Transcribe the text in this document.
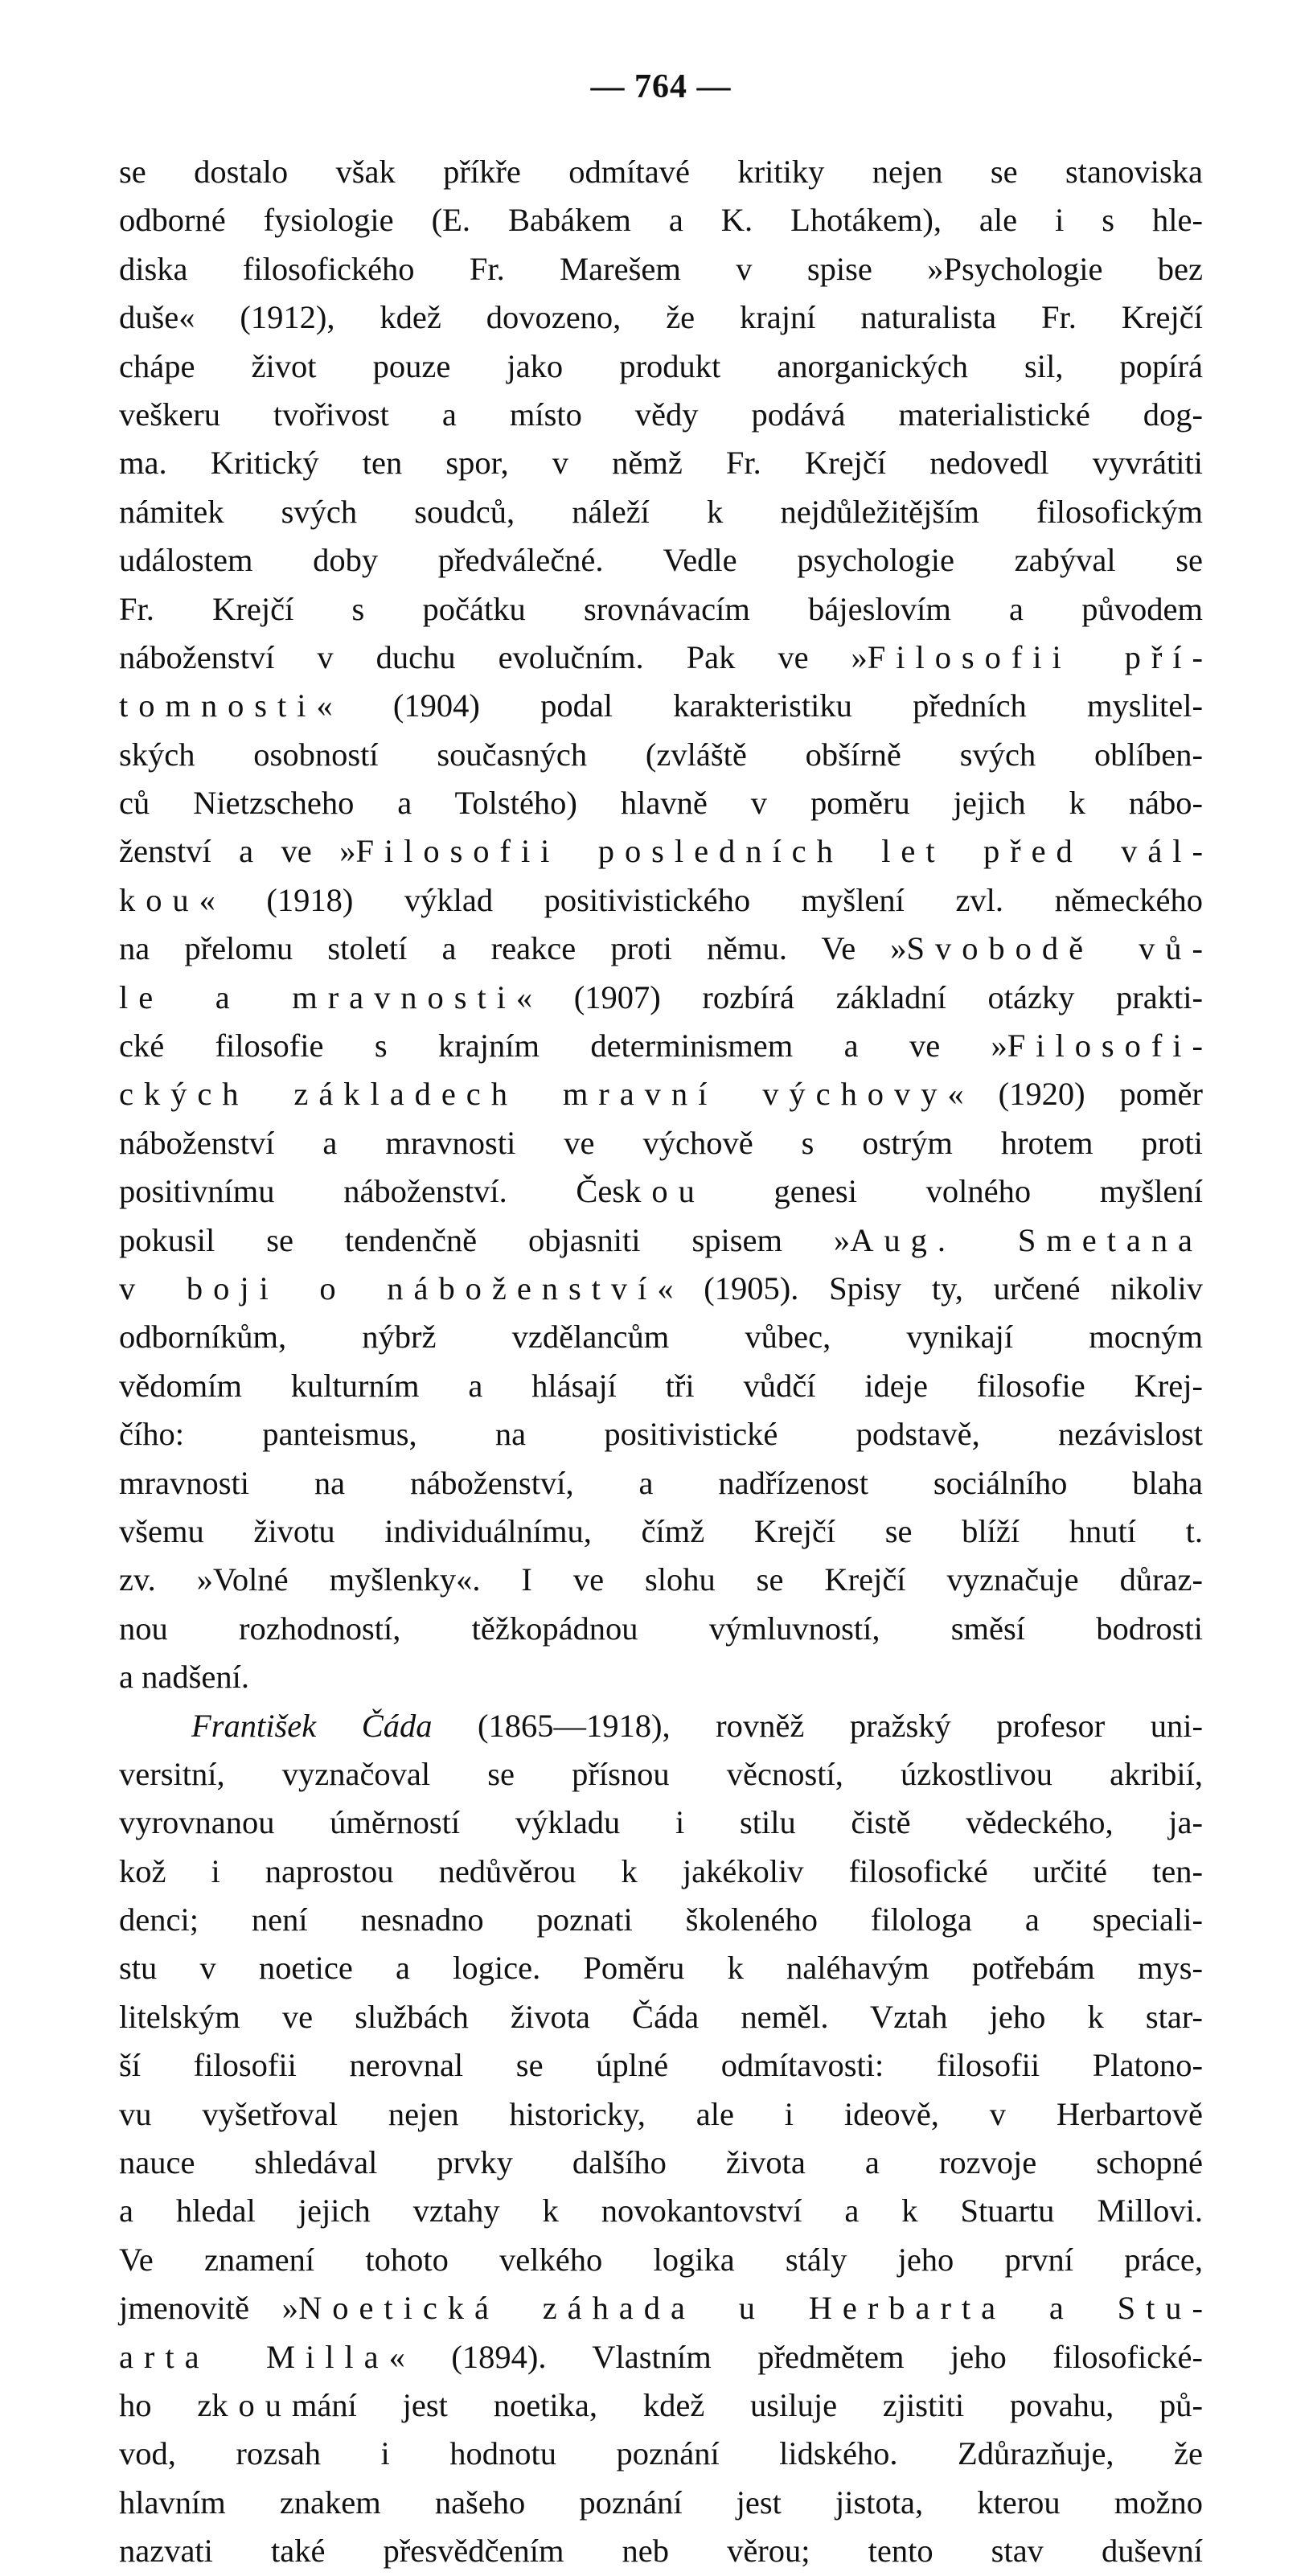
— 764 —
se dostalo však příkře odmítavé kritiky nejen se stanoviska
odborné fysiologie (E. Babákem a K. Lhotákem), ale i s hle-
diska filosofického Fr. Marešem v spise »Psychologie bez
duše« (1912), kdež dovozeno, že krajní naturalista Fr. Krejčí
chápe život pouze jako produkt anorganických sil, popírá
veškeru tvořivost a místo vědy podává materialistické dog-
ma. Kritický ten spor, v němž Fr. Krejčí nedovedl vyvrátiti
námitek svých soudců, náleží k nejdůležitějším filosofickým
událostem doby předválečné. Vedle psychologie zabýval se
Fr. Krejčí s počátku srovnávacím bájeslovím a původem
náboženství v duchu evolučním. Pak ve »Filosofii pří-
tomnosti« (1904) podal karakteristiku předních myslitel-
ských osobností současných (zvláště obšírně svých oblíben-
ců Nietzscheho a Tolstého) hlavně v poměru jejich k nábo-
ženství a ve »Filosofii posledních let před vál-
kou« (1918) výklad positivistického myšlení zvl. německého
na přelomu století a reakce proti němu. Ve »Svobodě vů-
le a mravnosti« (1907) rozbírá základní otázky prakti-
cké filosofie s krajním determinismem a ve »Filosofi-
ckých základech mravní výchovy« (1920) poměr
náboženství a mravnosti ve výchově s ostrým hrotem proti
positivnímu náboženství. Českou genesi volného myšlení
pokusil se tendenčně objasniti spisem »Aug. Smetana
v boji o náboženství« (1905). Spisy ty, určené nikoliv
odborníkům, nýbrž vzdělancům vůbec, vynikají mocným
vědomím kulturním a hlásají tři vůdčí ideje filosofie Krej-
čího: panteismus, na positivistické podstavě, nezávislost
mravnosti na náboženství, a nadřízenost sociálního blaha
všemu životu individuálnímu, čímž Krejčí se blíží hnutí t.
zv. »Volné myšlenky«. I ve slohu se Krejčí vyznačuje důraz-
nou rozhodností, těžkopádnou výmluvností, směsí bodrosti
a nadšení.
František Čáda (1865—1918), rovněž pražský profesor uni-
versitní, vyznačoval se přísnou věcností, úzkostlivou akribií,
vyrovnanou úměrností výkladu i stilu čistě vědeckého, ja-
kož i naprostou nedůvěrou k jakékoliv filosofické určité ten-
denci; není nesnadno poznati školeného filologa a speciali-
stu v noetice a logice. Poměru k naléhavým potřebám mys-
litelským ve službách života Čáda neměl. Vztah jeho k star-
ší filosofii nerovnal se úplné odmítavosti: filosofii Platono-
vu vyšetřoval nejen historicky, ale i ideově, v Herbartově
nauce shledával prvky dalšího života a rozvoje schopné
a hledal jejich vztahy k novokantovství a k Stuartu Millovi.
Ve znamení tohoto velkého logika stály jeho první práce,
jmenovitě »Noetická záhada u Herbarta a Stu-
arta Milla« (1894). Vlastním předmětem jeho filosofické-
ho zkoumání jest noetika, kdež usiluje zjistiti povahu, pů-
vod, rozsah i hodnotu poznání lidského. Zdůrazňuje, že
hlavním znakem našeho poznání jest jistota, kterou možno
nazvati také přesvědčením neb věrou; tento stav duševní
